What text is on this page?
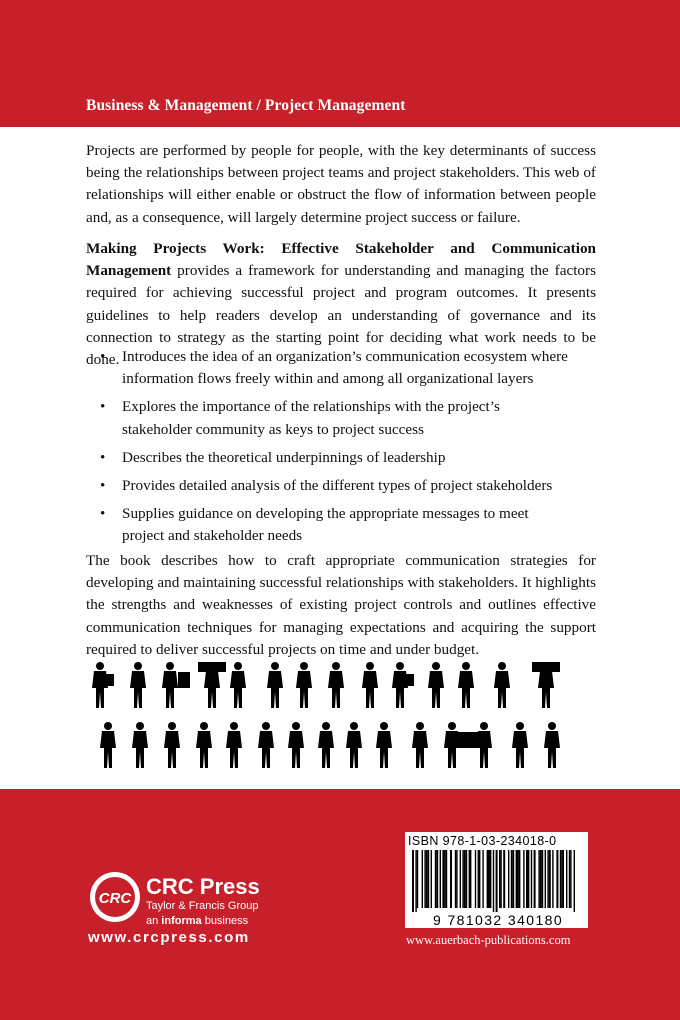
Business & Management / Project Management

Projects are performed by people for people, with the key determinants of success being the relationships between project teams and project stakeholders. This web of relationships will either enable or obstruct the flow of information between people and, as a consequence, will largely determine project success or failure.

Making Projects Work: Effective Stakeholder and Communication Management provides a framework for understanding and managing the factors required for achieving successful project and program outcomes. It presents guidelines to help readers develop an understanding of governance and its connection to strategy as the starting point for deciding what work needs to be done.

• Introduces the idea of an organization’s communication ecosystem where information flows freely within and among all organizational layers
• Explores the importance of the relationships with the project’s stakeholder community as keys to project success
• Describes the theoretical underpinnings of leadership
• Provides detailed analysis of the different types of project stakeholders
• Supplies guidance on developing the appropriate messages to meet project and stakeholder needs

The book describes how to craft appropriate communication strategies for developing and maintaining successful relationships with stakeholders. It highlights the strengths and weaknesses of existing project controls and outlines effective communication techniques for managing expectations and acquiring the support required to deliver successful projects on time and under budget.

CRC CRC Press
Taylor & Francis Group
an informa business
www.crcpress.com
ISBN 978-1-03-234018-0
9 781032 340180
www.auerbach-publications.com
